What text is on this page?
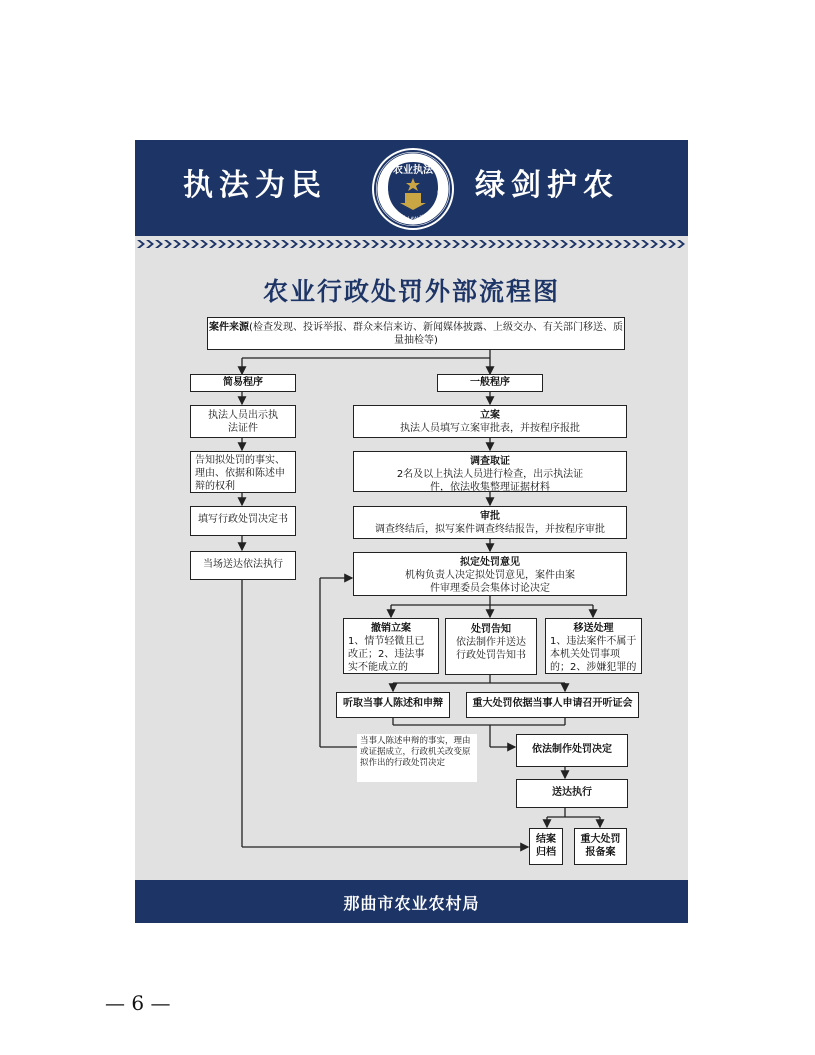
执法为民	农业执法
AGRICULTURAL LAW ENFORCEMENT 绿剑护农
农业行政处罚外部流程图
案件来源(检查发现、投诉举报、群众来信来访、新闻媒体披露、上级交办、有关部门移送、质量抽检等)
简易程序	一般程序
执法人员出示执法证件
告知拟处罚的事实、理由、依据和陈述申辩的权利
填写行政处罚决定书
当场送达依法执行
立案
执法人员填写立案审批表，并按程序报批
调查取证
2名及以上执法人员进行检查，出示执法证件，依法收集整理证据材料
审批
调查终结后，拟写案件调查终结报告，并按程序审批
拟定处罚意见
机构负责人决定拟处罚意见，案件由案件审理委员会集体讨论决定
撤销立案
1、情节轻微且已改正；2、违法事实不能成立的
处罚告知
依法制作并送达行政处罚告知书
移送处理
1、违法案件不属于本机关处罚事项的；2、涉嫌犯罪的
听取当事人陈述和申辩	重大处罚依据当事人申请召开听证会
当事人陈述申辩的事实，理由或证据成立，行政机关改变原拟作出的行政处罚决定
依法制作处罚决定
送达执行
结案归档
重大处罚报备案
那曲市农业农村局
— 6 —
